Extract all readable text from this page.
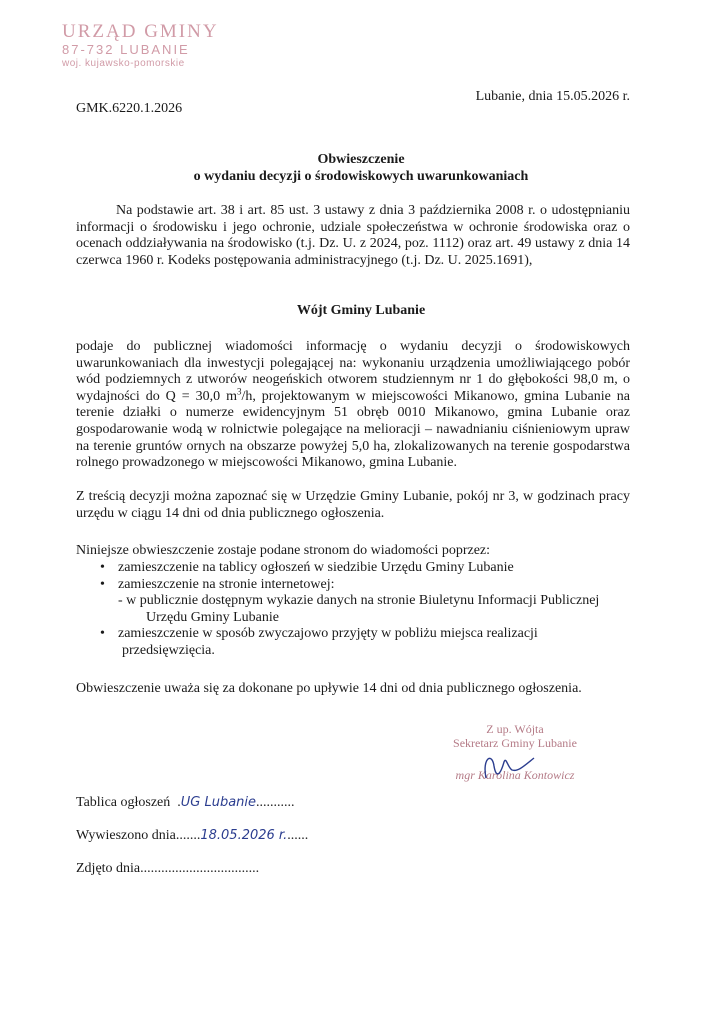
URZĄD GMINY
87-732 LUBANIE
woj. kujawsko-pomorskie
Lubanie, dnia 15.05.2026 r.
GMK.6220.1.2026
Obwieszczenie
o wydaniu decyzji o środowiskowych uwarunkowaniach
Na podstawie art. 38 i art. 85 ust. 3 ustawy z dnia 3 października 2008 r. o udostępnianiu informacji o środowisku i jego ochronie, udziale społeczeństwa w ochronie środowiska oraz o ocenach oddziaływania na środowisko (t.j. Dz. U. z 2024, poz. 1112) oraz art. 49 ustawy z dnia 14 czerwca 1960 r. Kodeks postępowania administracyjnego (t.j. Dz. U. 2025.1691),
Wójt Gminy Lubanie
podaje do publicznej wiadomości informację o wydaniu decyzji o środowiskowych uwarunkowaniach dla inwestycji polegającej na: wykonaniu urządzenia umożliwiającego pobór wód podziemnych z utworów neogeńskich otworem studziennym nr 1 do głębokości 98,0 m, o wydajności do Q = 30,0 $m^3/h$, projektowanym w miejscowości Mikanowo, gmina Lubanie na terenie działki o numerze ewidencyjnym 51 obręb 0010 Mikanowo, gmina Lubanie oraz gospodarowanie wodą w rolnictwie polegające na melioracji – nawadnianiu ciśnieniowym upraw na terenie gruntów ornych na obszarze powyżej 5,0 ha, zlokalizowanych na terenie gospodarstwa rolnego prowadzonego w miejscowości Mikanowo, gmina Lubanie.
Z treścią decyzji można zapoznać się w Urzędzie Gminy Lubanie, pokój nr 3, w godzinach pracy urzędu w ciągu 14 dni od dnia publicznego ogłoszenia.
Niniejsze obwieszczenie zostaje podane stronom do wiadomości poprzez:
• zamieszczenie na tablicy ogłoszeń w siedzibie Urzędu Gminy Lubanie
• zamieszczenie na stronie internetowej:
- w publicznie dostępnym wykazie danych na stronie Biuletynu Informacji Publicznej
Urzędu Gminy Lubanie
• zamieszczenie w sposób zwyczajowo przyjęty w pobliżu miejsca realizacji
przedsięwzięcia.
Obwieszczenie uważa się za dokonane po upływie 14 dni od dnia publicznego ogłoszenia.
Z up. Wójta
Sekretarz Gminy Lubanie
mgr Karolina Kontowicz
Tablica ogłoszeń  .UG Lubanie...........
Wywieszono dnia.......18.05.2026 r.......
Zdjęto dnia..................................
